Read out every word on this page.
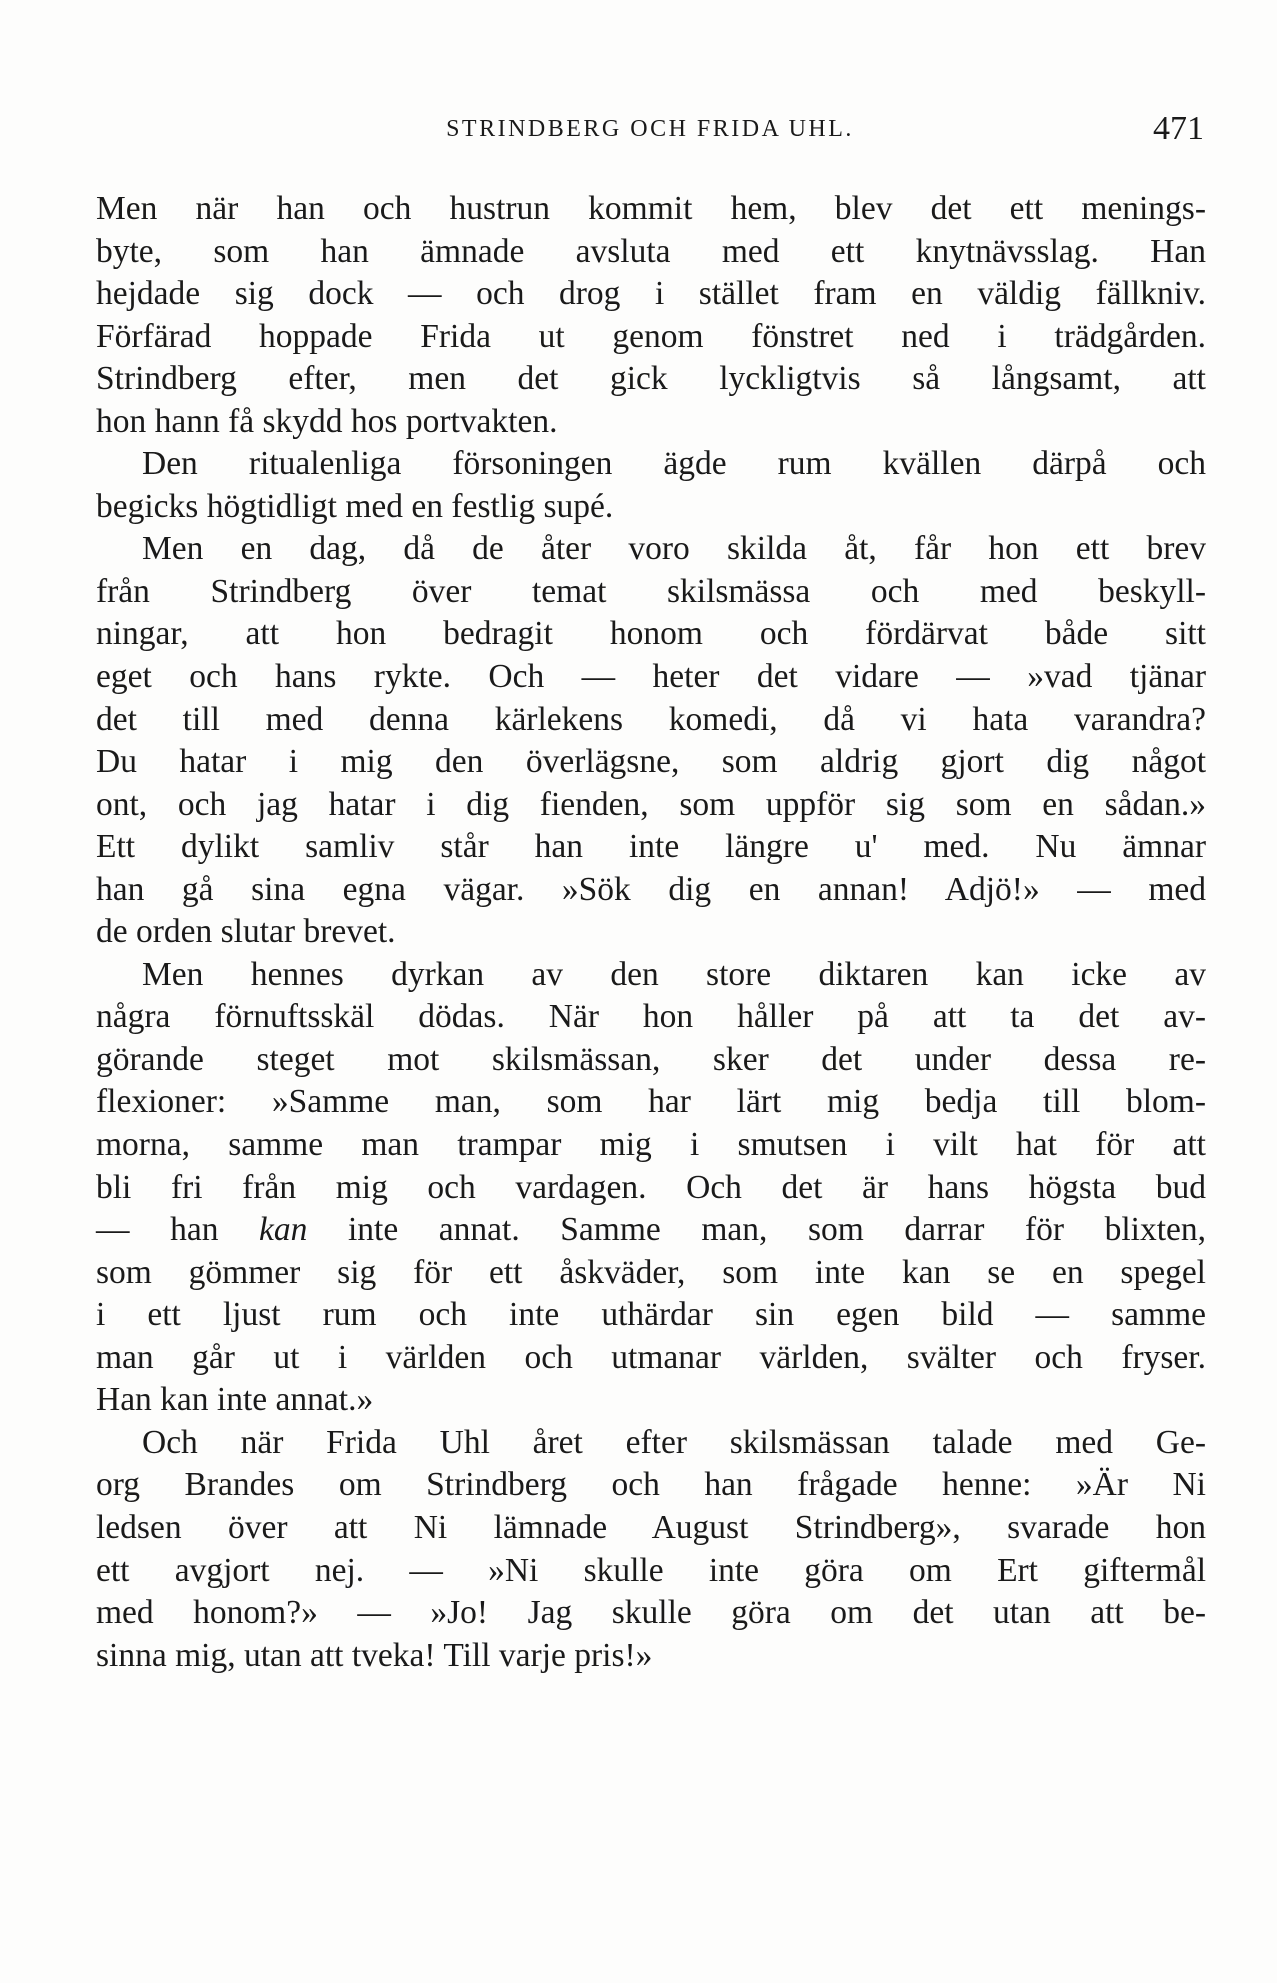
STRINDBERG OCH FRIDA UHL.	471
Men när han och hustrun kommit hem, blev det ett menings-
byte, som han ämnade avsluta med ett knytnävsslag. Han
hejdade sig dock — och drog i stället fram en väldig fällkniv.
Förfärad hoppade Frida ut genom fönstret ned i trädgården.
Strindberg efter, men det gick lyckligtvis så långsamt, att
hon hann få skydd hos portvakten.
Den ritualenliga försoningen ägde rum kvällen därpå och
begicks högtidligt med en festlig supé.
Men en dag, då de åter voro skilda åt, får hon ett brev
från Strindberg över temat skilsmässa och med beskyll-
ningar, att hon bedragit honom och fördärvat både sitt
eget och hans rykte. Och — heter det vidare — »vad tjänar
det till med denna kärlekens komedi, då vi hata varandra?
Du hatar i mig den överlägsne, som aldrig gjort dig något
ont, och jag hatar i dig fienden, som uppför sig som en sådan.»
Ett dylikt samliv står han inte längre u' med. Nu ämnar
han gå sina egna vägar. »Sök dig en annan! Adjö!» — med
de orden slutar brevet.
Men hennes dyrkan av den store diktaren kan icke av
några förnuftsskäl dödas. När hon håller på att ta det av-
görande steget mot skilsmässan, sker det under dessa re-
flexioner: »Samme man, som har lärt mig bedja till blom-
morna, samme man trampar mig i smutsen i vilt hat för att
bli fri från mig och vardagen. Och det är hans högsta bud
— han kan inte annat. Samme man, som darrar för blixten,
som gömmer sig för ett åskväder, som inte kan se en spegel
i ett ljust rum och inte uthärdar sin egen bild — samme
man går ut i världen och utmanar världen, svälter och fryser.
Han kan inte annat.»
Och när Frida Uhl året efter skilsmässan talade med Ge-
org Brandes om Strindberg och han frågade henne: »Är Ni
ledsen över att Ni lämnade August Strindberg», svarade hon
ett avgjort nej. — »Ni skulle inte göra om Ert giftermål
med honom?» — »Jo! Jag skulle göra om det utan att be-
sinna mig, utan att tveka! Till varje pris!»
